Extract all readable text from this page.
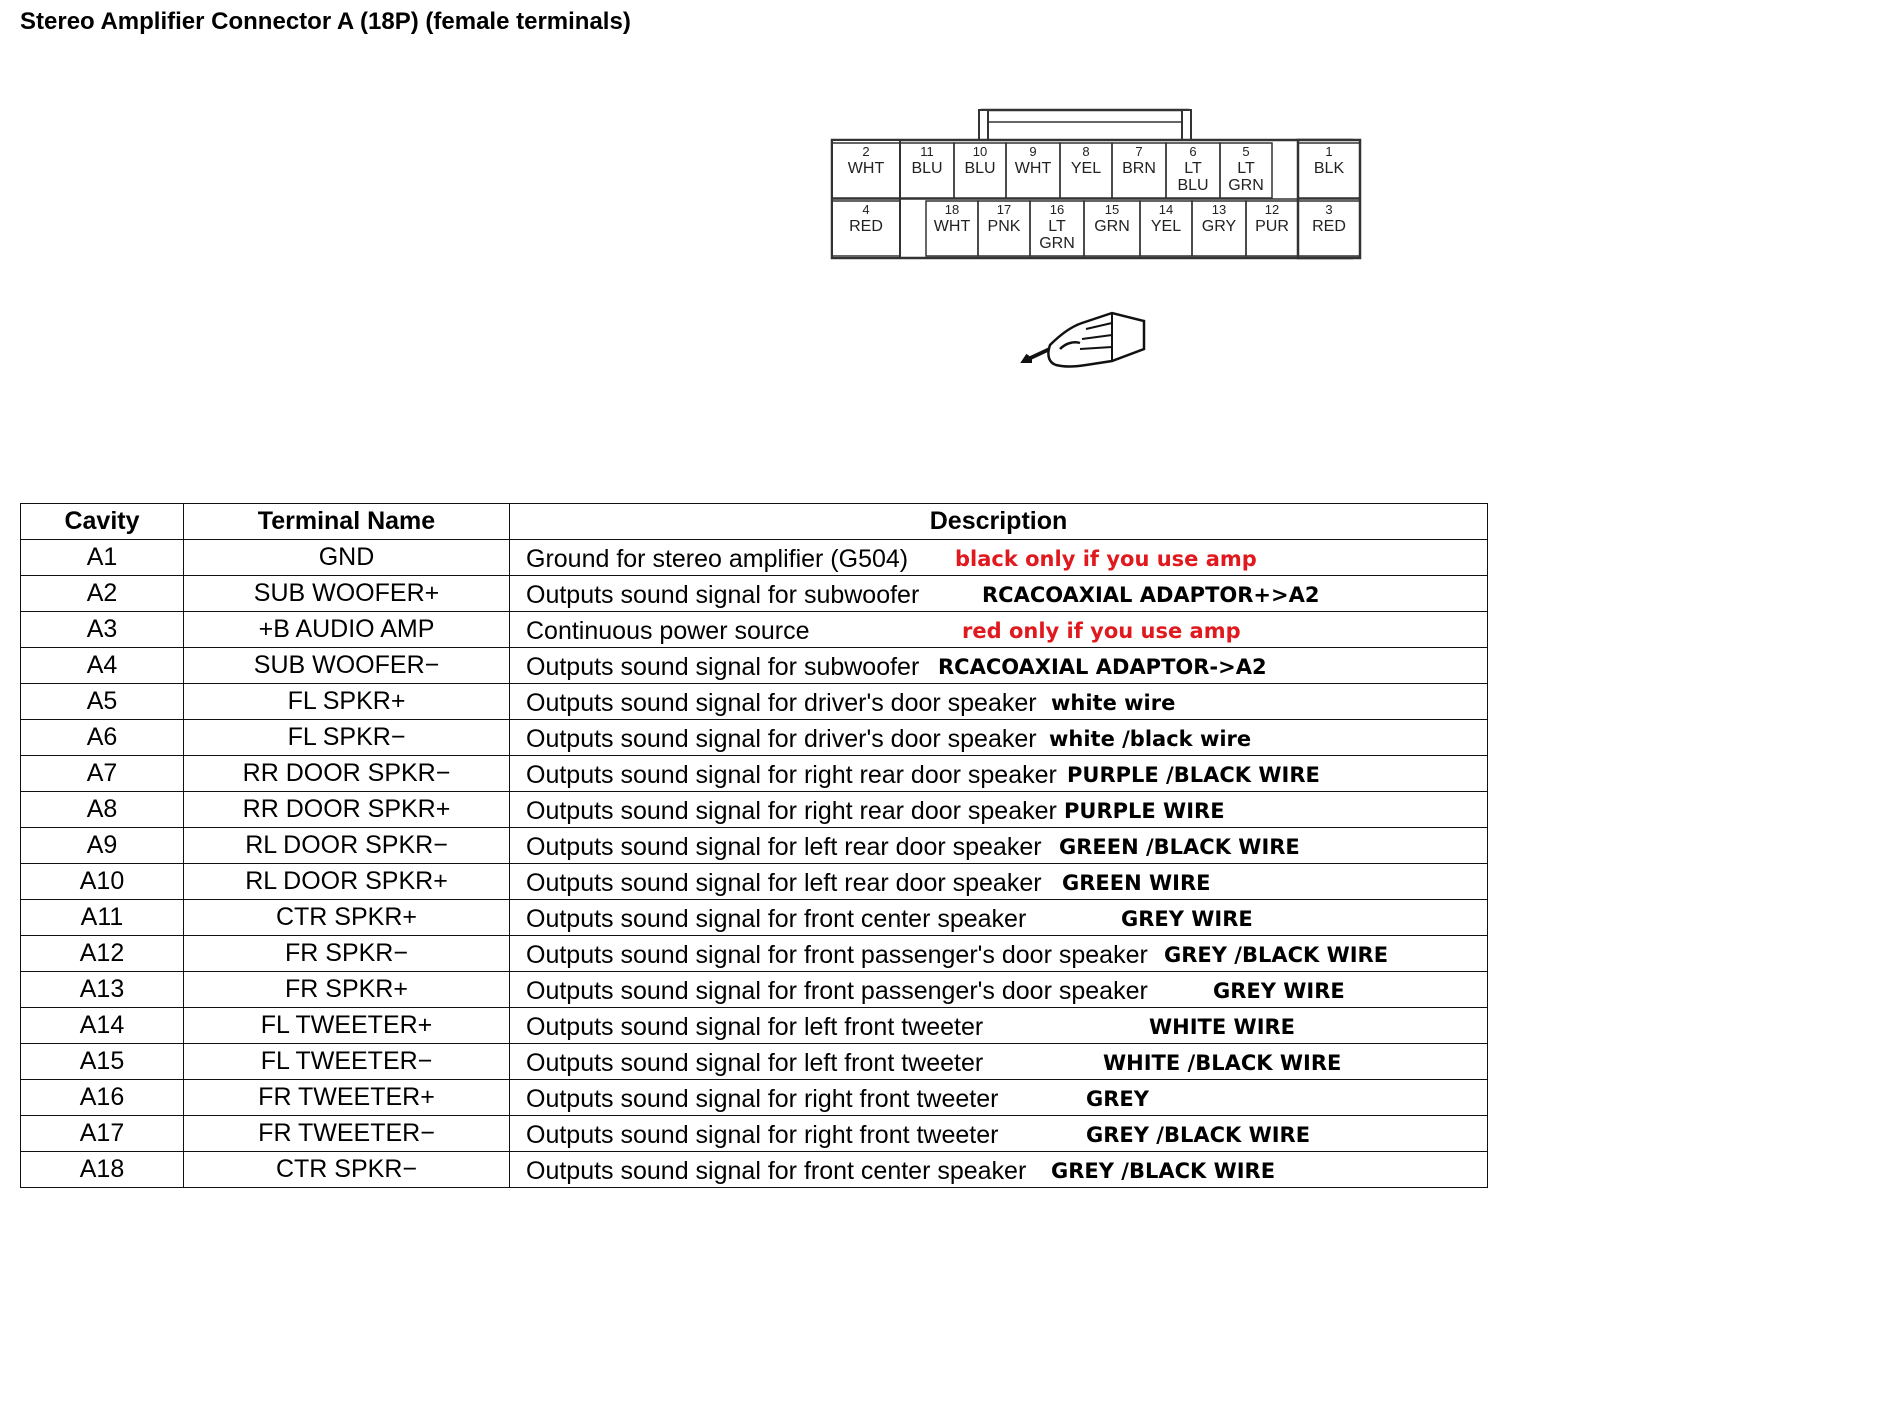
Stereo Amplifier Connector A (18P) (female terminals)
2
WHT
11
BLU
10
BLU
9
WHT
8
YEL
7
BRN
6
LT
BLU
5
LT
GRN
1
BLK
4
RED
18
WHT
17
PNK
16
LT
GRN
15
GRN
14
YEL
13
GRY
12
PUR
3
RED
Cavity	Terminal Name	Description
A1	GND	Ground for stereo amplifier (G504) black only if you use amp

A2	SUB WOOFER+	Outputs sound signal for subwoofer RCACOAXIAL ADAPTOR+>A2

A3	+B AUDIO AMP	Continuous power source red only if you use amp

A4	SUB WOOFER−	Outputs sound signal for subwoofer RCACOAXIAL ADAPTOR->A2

A5	FL SPKR+	Outputs sound signal for driver's door speaker white wire

A6	FL SPKR−	Outputs sound signal for driver's door speaker white /black wire

A7	RR DOOR SPKR−	Outputs sound signal for right rear door speaker PURPLE /BLACK WIRE

A8	RR DOOR SPKR+	Outputs sound signal for right rear door speaker PURPLE WIRE

A9	RL DOOR SPKR−	Outputs sound signal for left rear door speaker GREEN /BLACK WIRE

A10	RL DOOR SPKR+	Outputs sound signal for left rear door speaker GREEN WIRE

A11	CTR SPKR+	Outputs sound signal for front center speaker GREY WIRE

A12	FR SPKR−	Outputs sound signal for front passenger's door speaker GREY /BLACK WIRE

A13	FR SPKR+	Outputs sound signal for front passenger's door speaker GREY WIRE

A14	FL TWEETER+	Outputs sound signal for left front tweeter WHITE WIRE

A15	FL TWEETER−	Outputs sound signal for left front tweeter WHITE /BLACK WIRE

A16	FR TWEETER+	Outputs sound signal for right front tweeter GREY

A17	FR TWEETER−	Outputs sound signal for right front tweeter GREY /BLACK WIRE

A18	CTR SPKR−	Outputs sound signal for front center speaker GREY /BLACK WIRE
